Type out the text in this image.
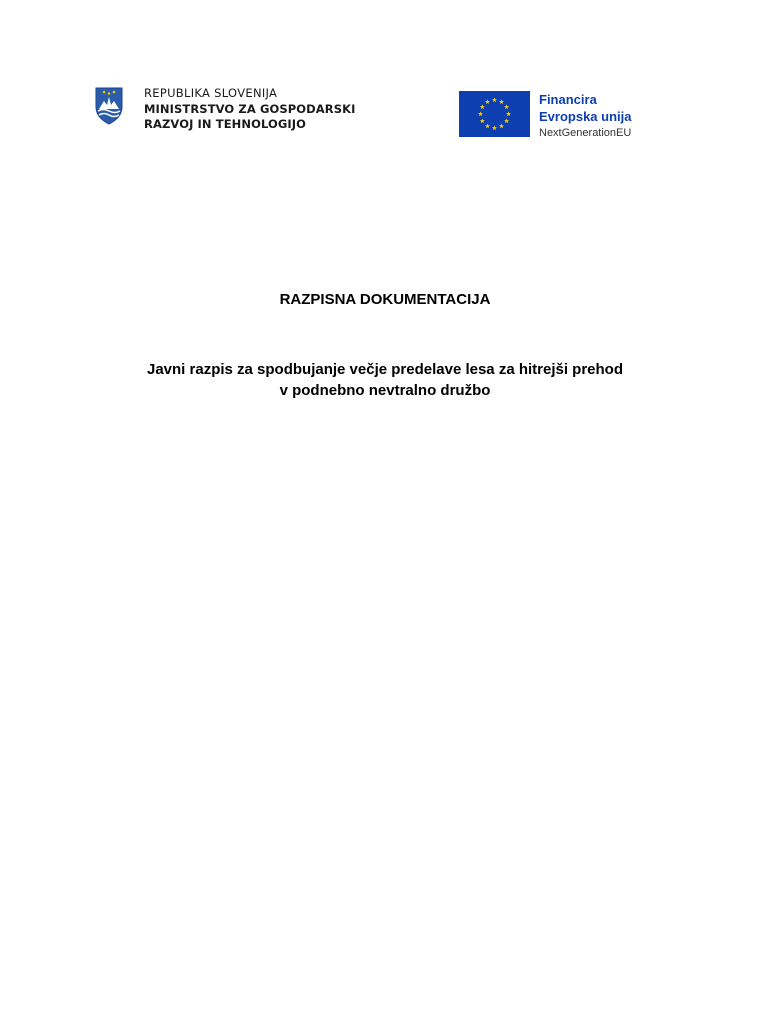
REPUBLIKA SLOVENIJA
MINISTRSTVO ZA GOSPODARSKI
RAZVOJ IN TEHNOLOGIJO
Financira
Evropska unija
NextGenerationEU
RAZPISNA DOKUMENTACIJA
Javni razpis za spodbujanje večje predelave lesa za hitrejši prehod
v podnebno nevtralno družbo
